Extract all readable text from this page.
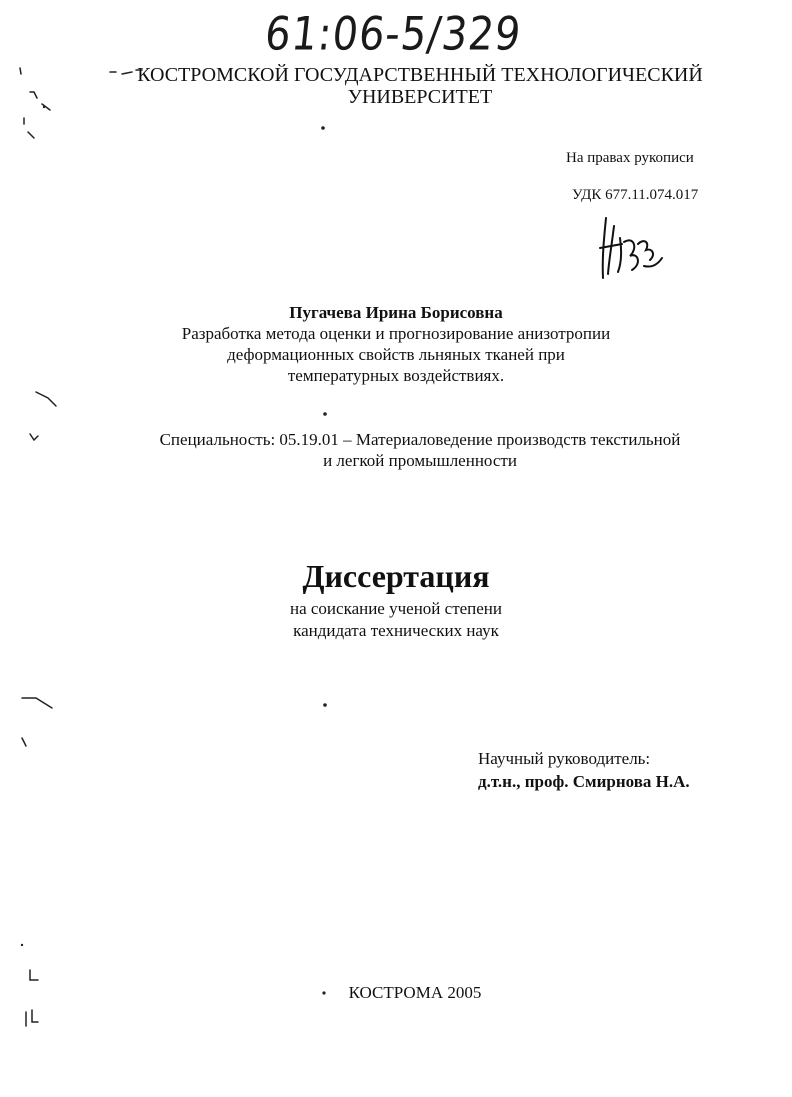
61:06-5/329
КОСТРОМСКОЙ ГОСУДАРСТВЕННЫЙ ТЕХНОЛОГИЧЕСКИЙ
УНИВЕРСИТЕТ
На правах рукописи
УДК 677.11.074.017
Пугачева Ирина Борисовна
Разработка метода оценки и прогнозирование анизотропии
деформационных свойств льняных тканей при
температурных воздействиях.
Специальность: 05.19.01 – Материаловедение производств текстильной
и легкой промышленности
Диссертация
на соискание ученой степени
кандидата технических наук
Научный руководитель:
д.т.н., проф. Смирнова Н.А.
КОСТРОМА 2005
